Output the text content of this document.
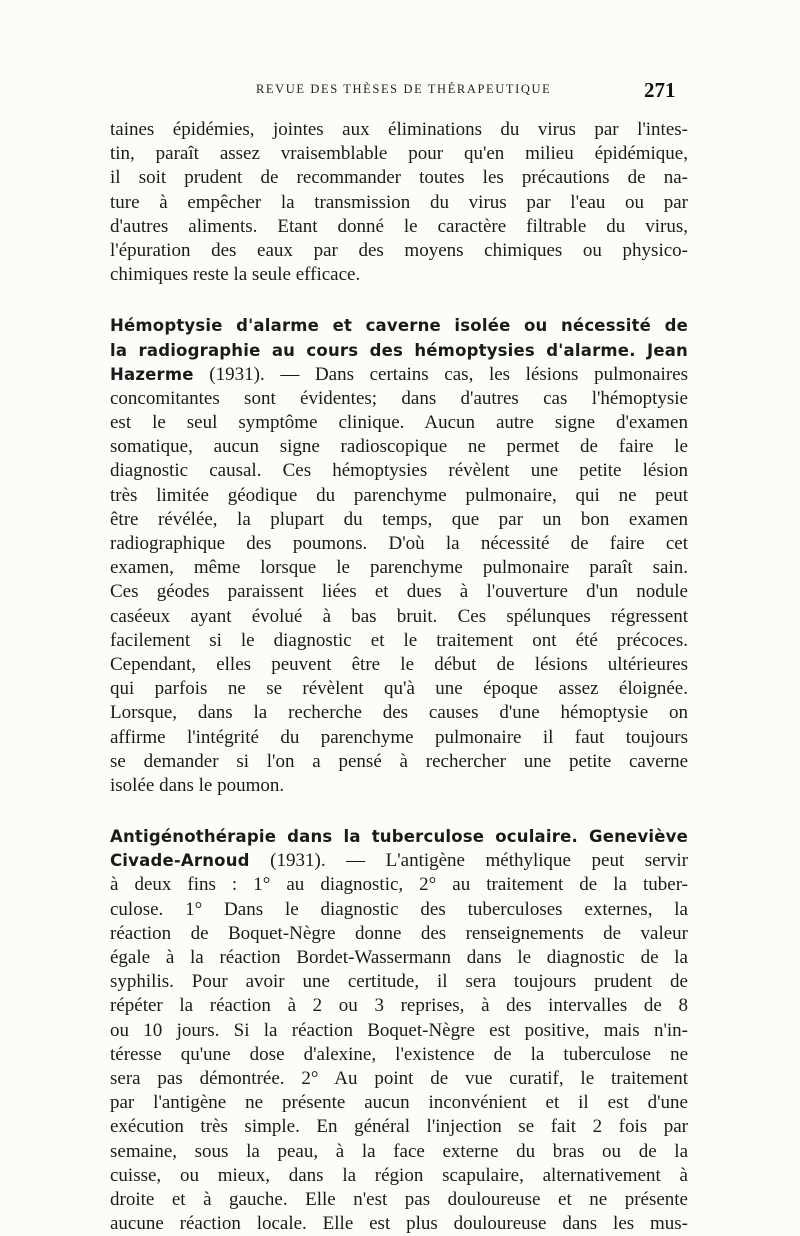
REVUE DES THÈSES DE THÉRAPEUTIQUE	271
taines épidémies, jointes aux éliminations du virus par l'intes-
tin, paraît assez vraisemblable pour qu'en milieu épidémique,
il soit prudent de recommander toutes les précautions de na-
ture à empêcher la transmission du virus par l'eau ou par
d'autres aliments. Etant donné le caractère filtrable du virus,
l'épuration des eaux par des moyens chimiques ou physico-
chimiques reste la seule efficace.
Hémoptysie d'alarme et caverne isolée ou nécessité de
la radiographie au cours des hémoptysies d'alarme. Jean
Hazerme (1931). — Dans certains cas, les lésions pulmonaires
concomitantes sont évidentes; dans d'autres cas l'hémoptysie
est le seul symptôme clinique. Aucun autre signe d'examen
somatique, aucun signe radioscopique ne permet de faire le
diagnostic causal. Ces hémoptysies révèlent une petite lésion
très limitée géodique du parenchyme pulmonaire, qui ne peut
être révélée, la plupart du temps, que par un bon examen
radiographique des poumons. D'où la nécessité de faire cet
examen, même lorsque le parenchyme pulmonaire paraît sain.
Ces géodes paraissent liées et dues à l'ouverture d'un nodule
caséeux ayant évolué à bas bruit. Ces spélunques régressent
facilement si le diagnostic et le traitement ont été précoces.
Cependant, elles peuvent être le début de lésions ultérieures
qui parfois ne se révèlent qu'à une époque assez éloignée.
Lorsque, dans la recherche des causes d'une hémoptysie on
affirme l'intégrité du parenchyme pulmonaire il faut toujours
se demander si l'on a pensé à rechercher une petite caverne
isolée dans le poumon.
Antigénothérapie dans la tuberculose oculaire. Geneviève
Civade-Arnoud (1931). — L'antigène méthylique peut servir
à deux fins : 1° au diagnostic, 2° au traitement de la tuber-
culose. 1° Dans le diagnostic des tuberculoses externes, la
réaction de Boquet-Nègre donne des renseignements de valeur
égale à la réaction Bordet-Wassermann dans le diagnostic de la
syphilis. Pour avoir une certitude, il sera toujours prudent de
répéter la réaction à 2 ou 3 reprises, à des intervalles de 8
ou 10 jours. Si la réaction Boquet-Nègre est positive, mais n'in-
téresse qu'une dose d'alexine, l'existence de la tuberculose ne
sera pas démontrée. 2° Au point de vue curatif, le traitement
par l'antigène ne présente aucun inconvénient et il est d'une
exécution très simple. En général l'injection se fait 2 fois par
semaine, sous la peau, à la face externe du bras ou de la
cuisse, ou mieux, dans la région scapulaire, alternativement à
droite et à gauche. Elle n'est pas douloureuse et ne présente
aucune réaction locale. Elle est plus douloureuse dans les mus-
